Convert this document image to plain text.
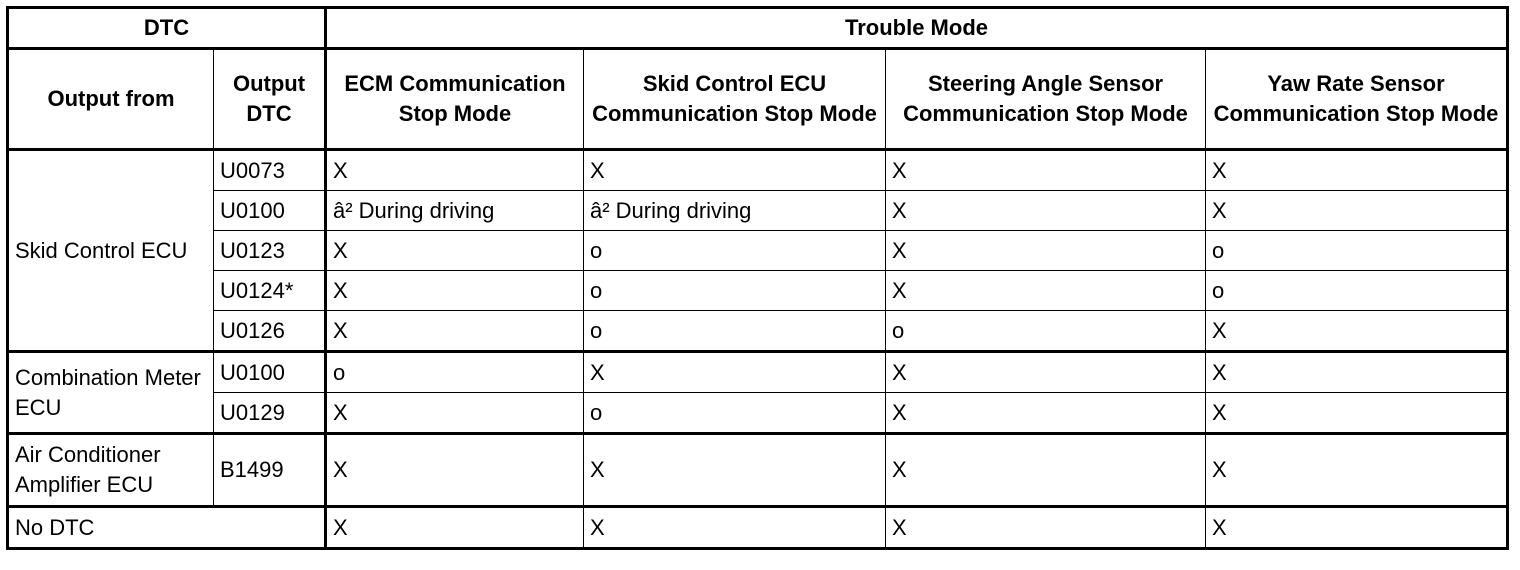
DTC		Trouble Mode			
Output from	Output DTC	ECM Communication Stop Mode	Skid Control ECU Communication Stop Mode	Steering Angle Sensor Communication Stop Mode	Yaw Rate Sensor Communication Stop Mode
Skid Control ECU	U0073	X	X	X	X
	U0100	â² During driving	â² During driving	X	X
	U0123	X	o	X	o
	U0124*	X	o	X	o
	U0126	X	o	o	X
Combination Meter ECU	U0100	o	X	X	X
	U0129	X	o	X	X
Air Conditioner Amplifier ECU	B1499	X	X	X	X
No DTC		X	X	X	X
